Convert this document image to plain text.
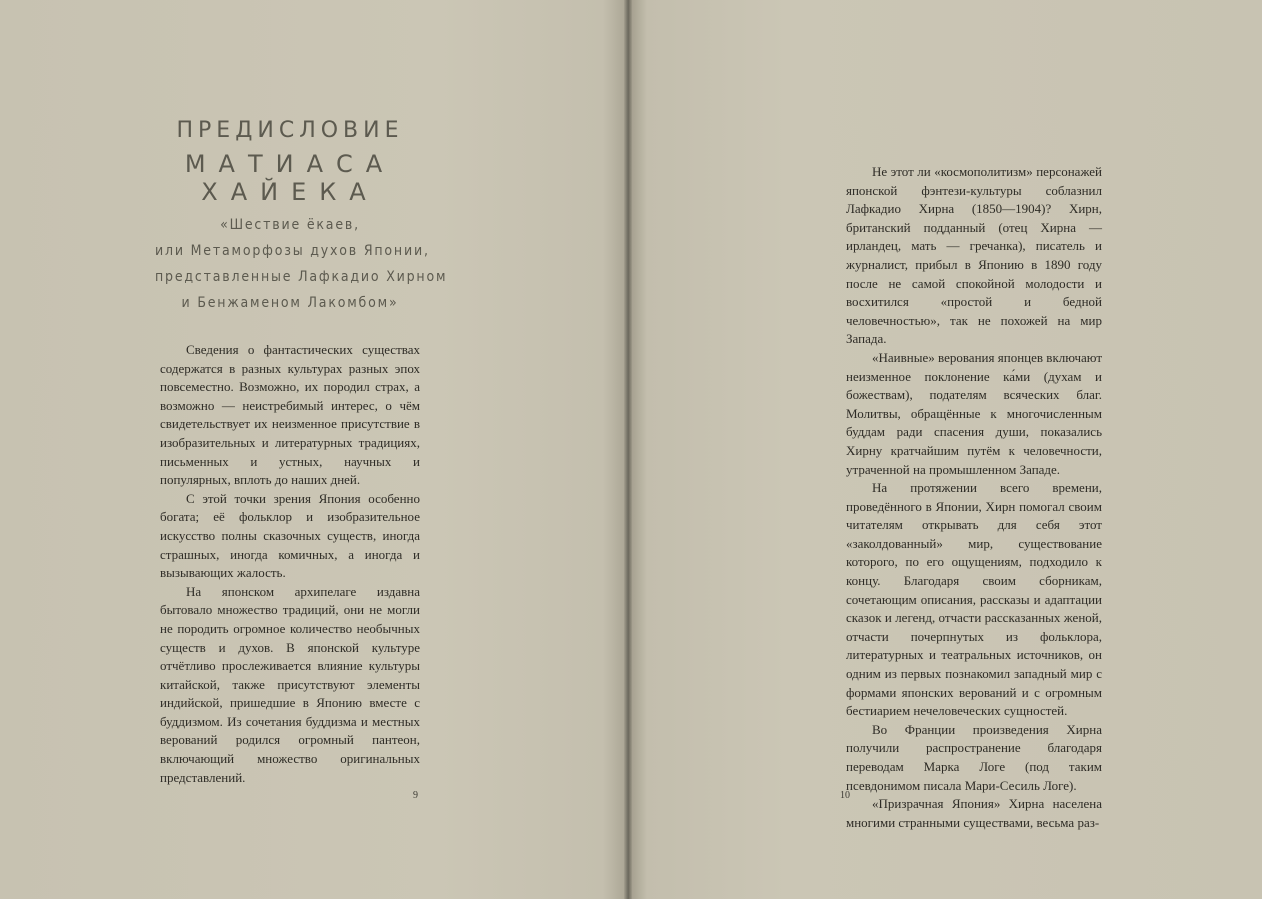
ПРЕДИСЛОВИЕ
МАТИАСА ХАЙЕКА
«Шествие ёкаев,
или Метаморфозы духов Японии,
представленные Лафкадио Хирном
и Бенжаменом Лакомбом»

Сведения о фантастических существах содержатся в разных культурах разных эпох повсеместно. Возможно, их породил страх, а возможно — неистребимый интерес, о чём свидетельствует их неизменное присутствие в изобразительных и литературных традициях, письменных и устных, научных и популярных, вплоть до наших дней.

С этой точки зрения Япония особенно богата; её фольклор и изобразительное искусство полны сказочных существ, иногда страшных, иногда комичных, а иногда и вызывающих жалость.

На японском архипелаге издавна бытовало множество традиций, они не могли не породить огромное количество необычных существ и духов. В японской культуре отчётливо прослеживается влияние культуры китайской, также присутствуют элементы индийской, пришедшие в Японию вместе с буддизмом. Из сочетания буддизма и местных верований родился огромный пантеон, включающий множество оригинальных представлений.

9

Не этот ли «космополитизм» персонажей японской фэнтези-культуры соблазнил Лафкадио Хирна (1850—1904)? Хирн, британский подданный (отец Хирна — ирландец, мать — гречанка), писатель и журналист, прибыл в Японию в 1890 году после не самой спокойной молодости и восхитился «простой и бедной человечностью», так не похожей на мир Запада.

«Наивные» верования японцев включают неизменное поклонение ка́ми (духам и божествам), подателям всяческих благ. Молитвы, обращённые к многочисленным буддам ради спасения души, показались Хирну кратчайшим путём к человечности, утраченной на промышленном Западе.

На протяжении всего времени, проведённого в Японии, Хирн помогал своим читателям открывать для себя этот «заколдованный» мир, существование которого, по его ощущениям, подходило к концу. Благодаря своим сборникам, сочетающим описания, рассказы и адаптации сказок и легенд, отчасти рассказанных женой, отчасти почерпнутых из фольклора, литературных и театральных источников, он одним из первых познакомил западный мир с формами японских верований и с огромным бестиарием нечеловеческих сущностей.

Во Франции произведения Хирна получили распространение благодаря переводам Марка Логе (под таким псевдонимом писала Мари-Сесиль Логе).

«Призрачная Япония» Хирна населена многими странными существами, весьма раз-

10
